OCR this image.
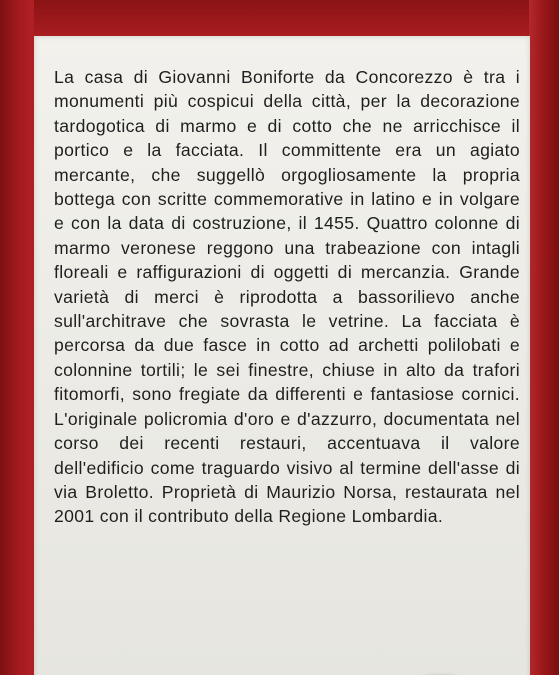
La casa di Giovanni Boniforte da Concorezzo è tra i monumenti più cospicui della città, per la decorazione tardogotica di marmo e di cotto che ne arricchisce il portico e la facciata. Il committente era un agiato mercante, che suggellò orgogliosamente la propria bottega con scritte commemorative in latino e in volgare e con la data di costruzione, il 1455. Quattro colonne di marmo veronese reggono una trabeazione con intagli floreali e raffigurazioni di oggetti di mercanzia. Grande varietà di merci è riprodotta a bassorilievo anche sull'architrave che sovrasta le vetrine. La facciata è percorsa da due fasce in cotto ad archetti polilobati e colonnine tortili; le sei finestre, chiuse in alto da trafori fitomorfi, sono fregiate da differenti e fantasiose cornici. L'originale policromia d'oro e d'azzurro, documentata nel corso dei recenti restauri, accentuava il valore dell'edificio come traguardo visivo al termine dell'asse di via Broletto. Proprietà di Maurizio Norsa, restaurata nel 2001 con il contributo della Regione Lombardia.
